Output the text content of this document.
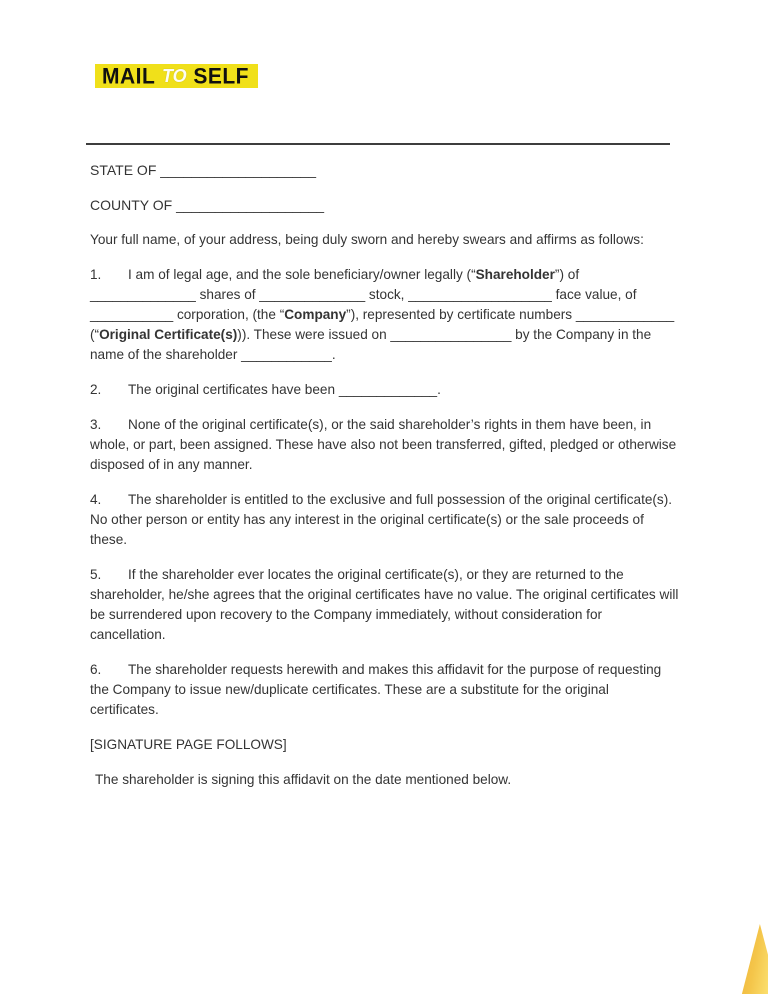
MAIL TO SELF

STATE OF ____________________

COUNTY OF ___________________

Your full name, of your address, being duly sworn and hereby swears and affirms as follows:

1. I am of legal age, and the sole beneficiary/owner legally (“Shareholder”) of ______________ shares of ______________ stock, ___________________ face value, of ___________ corporation, (the “Company”), represented by certificate numbers _____________ (“Original Certificate(s))). These were issued on ________________ by the Company in the name of the shareholder ____________.

2. The original certificates have been _____________.

3. None of the original certificate(s), or the said shareholder’s rights in them have been, in whole, or part, been assigned. These have also not been transferred, gifted, pledged or otherwise disposed of in any manner.

4. The shareholder is entitled to the exclusive and full possession of the original certificate(s). No other person or entity has any interest in the original certificate(s) or the sale proceeds of these.

5. If the shareholder ever locates the original certificate(s), or they are returned to the shareholder, he/she agrees that the original certificates have no value. The original certificates will be surrendered upon recovery to the Company immediately, without consideration for cancellation.

6. The shareholder requests herewith and makes this affidavit for the purpose of requesting the Company to issue new/duplicate certificates. These are a substitute for the original certificates.

[SIGNATURE PAGE FOLLOWS]

The shareholder is signing this affidavit on the date mentioned below.
